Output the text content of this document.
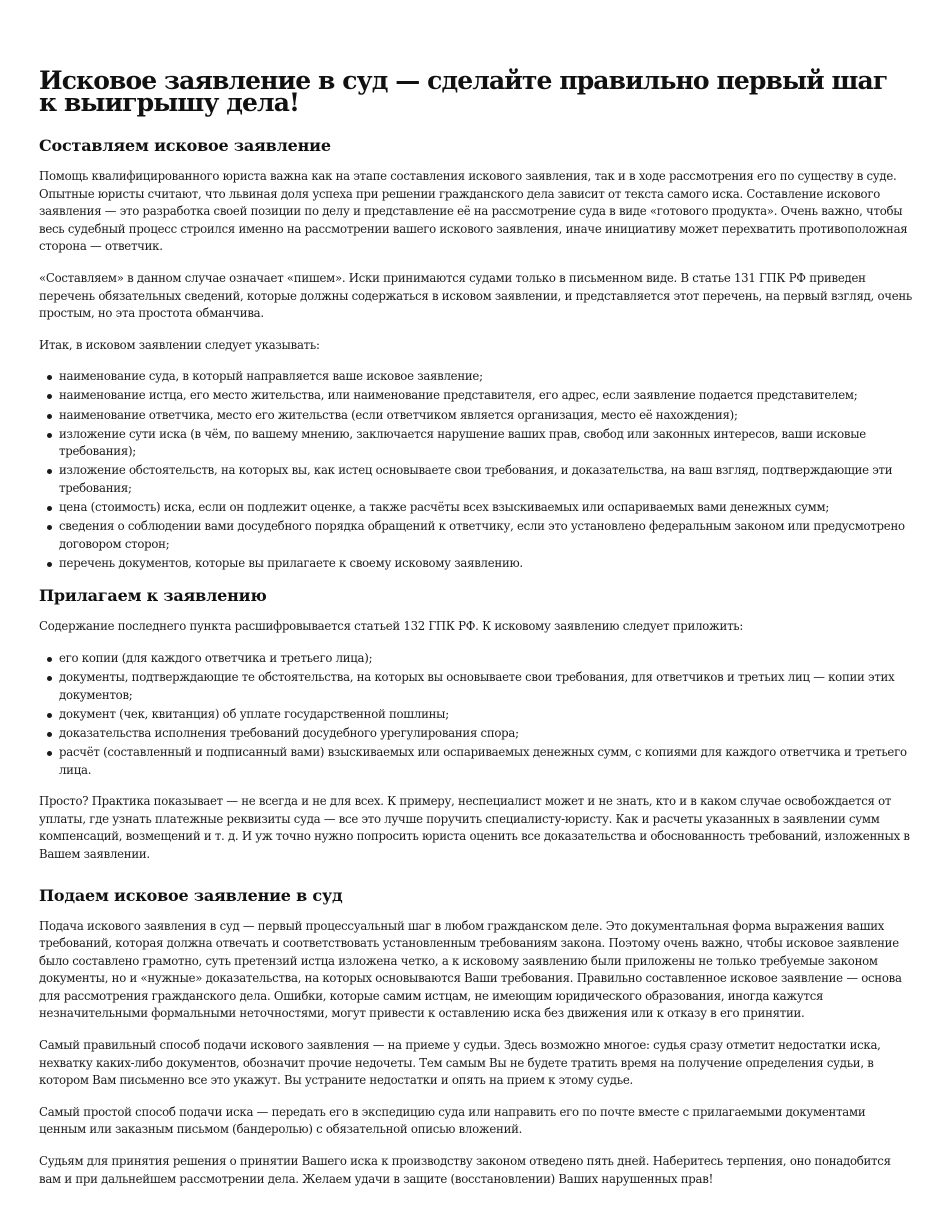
Исковое заявление в суд — сделайте правильно первый шаг к выигрышу дела!
Составляем исковое заявление

Помощь квалифицированного юриста важна как на этапе составления искового заявления, так и в ходе рассмотрения его по существу в суде. Опытные юристы считают, что львиная доля успеха при решении гражданского дела зависит от текста самого иска. Составление искового заявления — это разработка своей позиции по делу и представление её на рассмотрение суда в виде «готового продукта». Очень важно, чтобы весь судебный процесс строился именно на рассмотрении вашего искового заявления, иначе инициативу может перехватить противоположная сторона — ответчик.

«Составляем» в данном случае означает «пишем». Иски принимаются судами только в письменном виде. В статье 131 ГПК РФ приведен перечень обязательных сведений, которые должны содержаться в исковом заявлении, и представляется этот перечень, на первый взгляд, очень простым, но эта простота обманчива.

Итак, в исковом заявлении следует указывать:

наименование суда, в который направляется ваше исковое заявление;
наименование истца, его место жительства, или наименование представителя, его адрес, если заявление подается представителем;
наименование ответчика, место его жительства (если ответчиком является организация, место её нахождения);
изложение сути иска (в чём, по вашему мнению, заключается нарушение ваших прав, свобод или законных интересов, ваши исковые требования);
изложение обстоятельств, на которых вы, как истец основываете свои требования, и доказательства, на ваш взгляд, подтверждающие эти требования;
цена (стоимость) иска, если он подлежит оценке, а также расчёты всех взыскиваемых или оспариваемых вами денежных сумм;
сведения о соблюдении вами досудебного порядка обращений к ответчику, если это установлено федеральным законом или предусмотрено договором сторон;
перечень документов, которые вы прилагаете к своему исковому заявлению.
Прилагаем к заявлению

Содержание последнего пункта расшифровывается статьей 132 ГПК РФ. К исковому заявлению следует приложить:

его копии (для каждого ответчика и третьего лица);
документы, подтверждающие те обстоятельства, на которых вы основываете свои требования, для ответчиков и третьих лиц — копии этих документов;
документ (чек, квитанция) об уплате государственной пошлины;
доказательства исполнения требований досудебного урегулирования спора;
расчёт (составленный и подписанный вами) взыскиваемых или оспариваемых денежных сумм, с копиями для каждого ответчика и третьего лица.

Просто? Практика показывает — не всегда и не для всех. К примеру, неспециалист может и не знать, кто и в каком случае освобождается от уплаты, где узнать платежные реквизиты суда — все это лучше поручить специалисту-юристу. Как и расчеты указанных в заявлении сумм компенсаций, возмещений и т. д. И уж точно нужно попросить юриста оценить все доказательства и обоснованность требований, изложенных в Вашем заявлении.

Подаем исковое заявление в суд

Подача искового заявления в суд — первый процессуальный шаг в любом гражданском деле. Это документальная форма выражения ваших требований, которая должна отвечать и соответствовать установленным требованиям закона. Поэтому очень важно, чтобы исковое заявление было составлено грамотно, суть претензий истца изложена четко, а к исковому заявлению были приложены не только требуемые законом документы, но и «нужные» доказательства, на которых основываются Ваши требования. Правильно составленное исковое заявление — основа для рассмотрения гражданского дела. Ошибки, которые самим истцам, не имеющим юридического образования, иногда кажутся незначительными формальными неточностями, могут привести к оставлению иска без движения или к отказу в его принятии.

Самый правильный способ подачи искового заявления — на приеме у судьи. Здесь возможно многое: судья сразу отметит недостатки иска, нехватку каких-либо документов, обозначит прочие недочеты. Тем самым Вы не будете тратить время на получение определения судьи, в котором Вам письменно все это укажут. Вы устраните недостатки и опять на прием к этому судье.

Самый простой способ подачи иска — передать его в экспедицию суда или направить его по почте вместе с прилагаемыми документами ценным или заказным письмом (бандеролью) с обязательной описью вложений.

Судьям для принятия решения о принятии Вашего иска к производству законом отведено пять дней. Наберитесь терпения, оно понадобится вам и при дальнейшем рассмотрении дела. Желаем удачи в защите (восстановлении) Ваших нарушенных прав!
